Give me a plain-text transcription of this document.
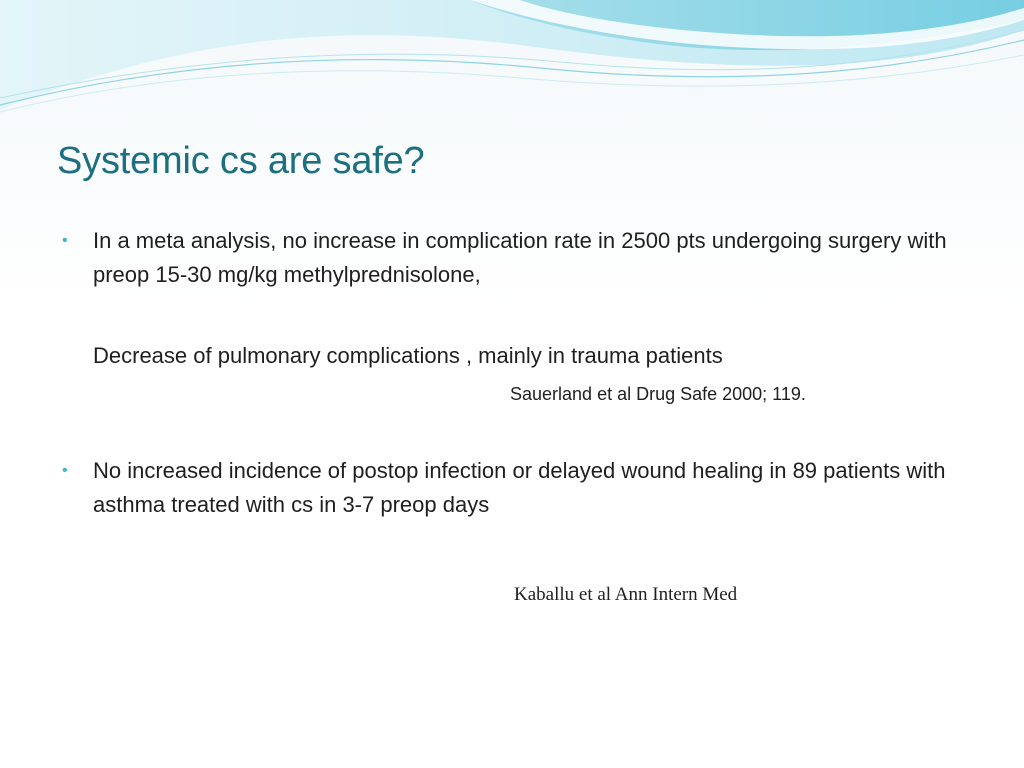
Systemic cs are safe?
• In a meta analysis, no increase in complication rate in 2500 pts undergoing surgery with preop 15-30 mg/kg methylprednisolone,
Decrease of pulmonary complications , mainly in trauma patients
Sauerland et al Drug Safe 2000; 119.
• No increased incidence of postop infection or delayed wound healing in 89 patients with asthma treated with cs in 3-7 preop days
Kaballu et al Ann Intern Med
